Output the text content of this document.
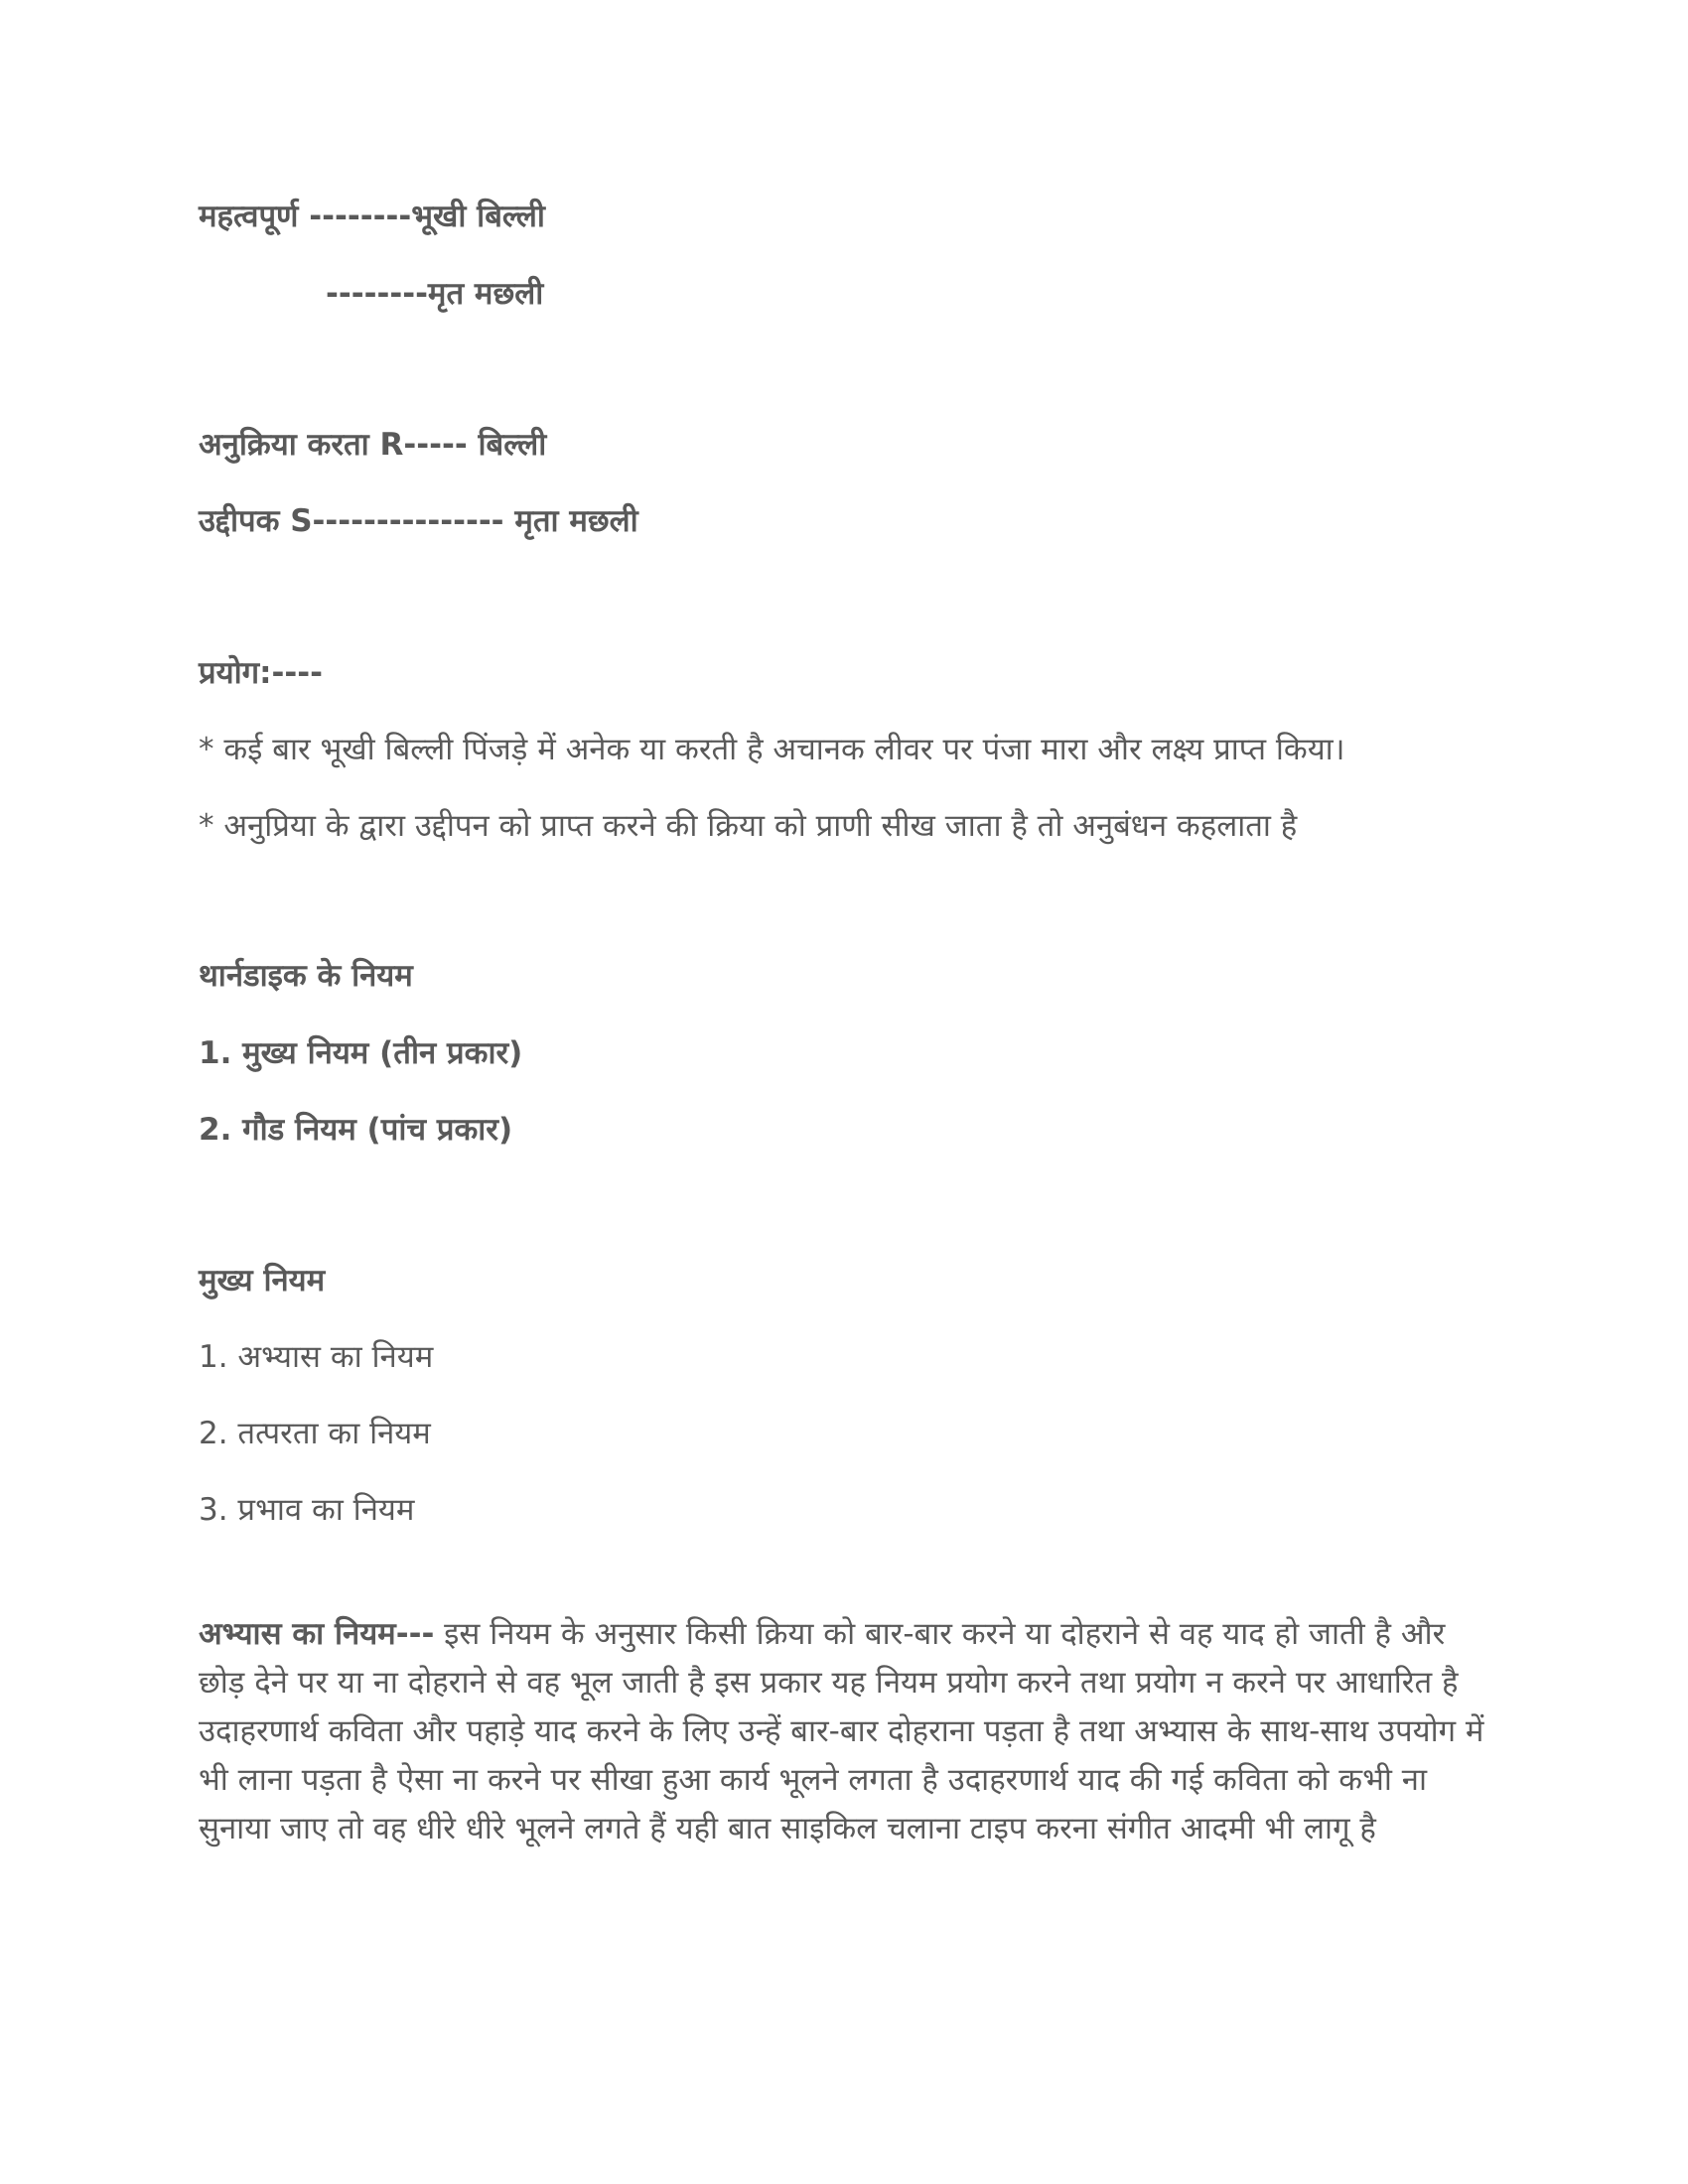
महत्वपूर्ण --------भूखी बिल्ली

--------मृत मछली

अनुक्रिया करता R----- बिल्ली

उद्दीपक S--------------- मृता मछली

प्रयोग:----

* कई बार भूखी बिल्ली पिंजड़े में अनेक या करती है अचानक लीवर पर पंजा मारा और लक्ष्य प्राप्त किया।

* अनुप्रिया के द्वारा उद्दीपन को प्राप्त करने की क्रिया को प्राणी सीख जाता है तो अनुबंधन कहलाता है

थार्नडाइक के नियम

1. मुख्य नियम (तीन प्रकार)

2. गौड नियम (पांच प्रकार)

मुख्य नियम

1. अभ्यास का नियम

2. तत्परता का नियम

3. प्रभाव का नियम

अभ्यास का नियम--- इस नियम के अनुसार किसी क्रिया को बार-बार करने या दोहराने से वह याद हो जाती है और छोड़ देने पर या ना दोहराने से वह भूल जाती है इस प्रकार यह नियम प्रयोग करने तथा प्रयोग न करने पर आधारित है उदाहरणार्थ कविता और पहाड़े याद करने के लिए उन्हें बार-बार दोहराना पड़ता है तथा अभ्यास के साथ-साथ उपयोग में भी लाना पड़ता है ऐसा ना करने पर सीखा हुआ कार्य भूलने लगता है उदाहरणार्थ याद की गई कविता को कभी ना सुनाया जाए तो वह धीरे धीरे भूलने लगते हैं यही बात साइकिल चलाना टाइप करना संगीत आदमी भी लागू है
